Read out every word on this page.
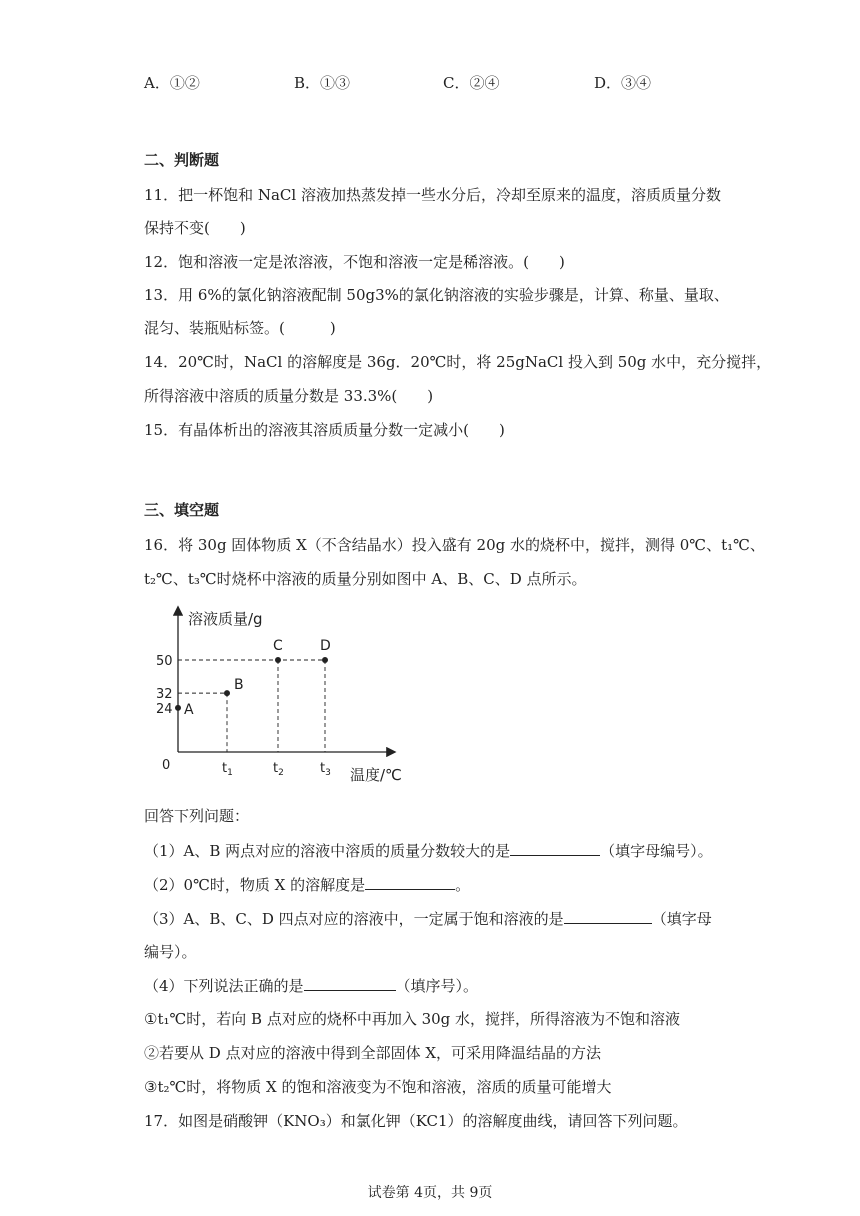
A．①②	B．①③	C．②④	D．③④
二、判断题
11．把一杯饱和 NaCl 溶液加热蒸发掉一些水分后，冷却至原来的温度，溶质质量分数
保持不变(　　)
12．饱和溶液一定是浓溶液，不饱和溶液一定是稀溶液。(　　)
13．用 6%的氯化钠溶液配制 50g3%的氯化钠溶液的实验步骤是，计算、称量、量取、
混匀、装瓶贴标签。(　　　)
14．20℃时，NaCl 的溶解度是 36g．20℃时，将 25gNaCl 投入到 50g 水中，充分搅拌，
所得溶液中溶质的质量分数是 33.3%(　　)
15．有晶体析出的溶液其溶质质量分数一定减小(　　)
三、填空题
16．将 30g 固体物质 X（不含结晶水）投入盛有 20g 水的烧杯中，搅拌，测得 0℃、t₁℃、
t₂℃、t₃℃时烧杯中溶液的质量分别如图中 A、B、C、D 点所示。
溶液质量/g
温度/℃
0
50
32
24
$t_1$	$t_2$	$t_3$
A
B
C	D
回答下列问题：
（1）A、B 两点对应的溶液中溶质的质量分数较大的是	（填字母编号）。
（2）0℃时，物质 X 的溶解度是	。
（3）A、B、C、D 四点对应的溶液中，一定属于饱和溶液的是	（填字母
编号）。
（4）下列说法正确的是	（填序号）。
①t₁℃时，若向 B 点对应的烧杯中再加入 30g 水，搅拌，所得溶液为不饱和溶液
②若要从 D 点对应的溶液中得到全部固体 X，可采用降温结晶的方法
③t₂℃时，将物质 X 的饱和溶液变为不饱和溶液，溶质的质量可能增大
17．如图是硝酸钾（KNO₃）和氯化钾（KC1）的溶解度曲线，请回答下列问题。
试卷第 4页，共 9页
